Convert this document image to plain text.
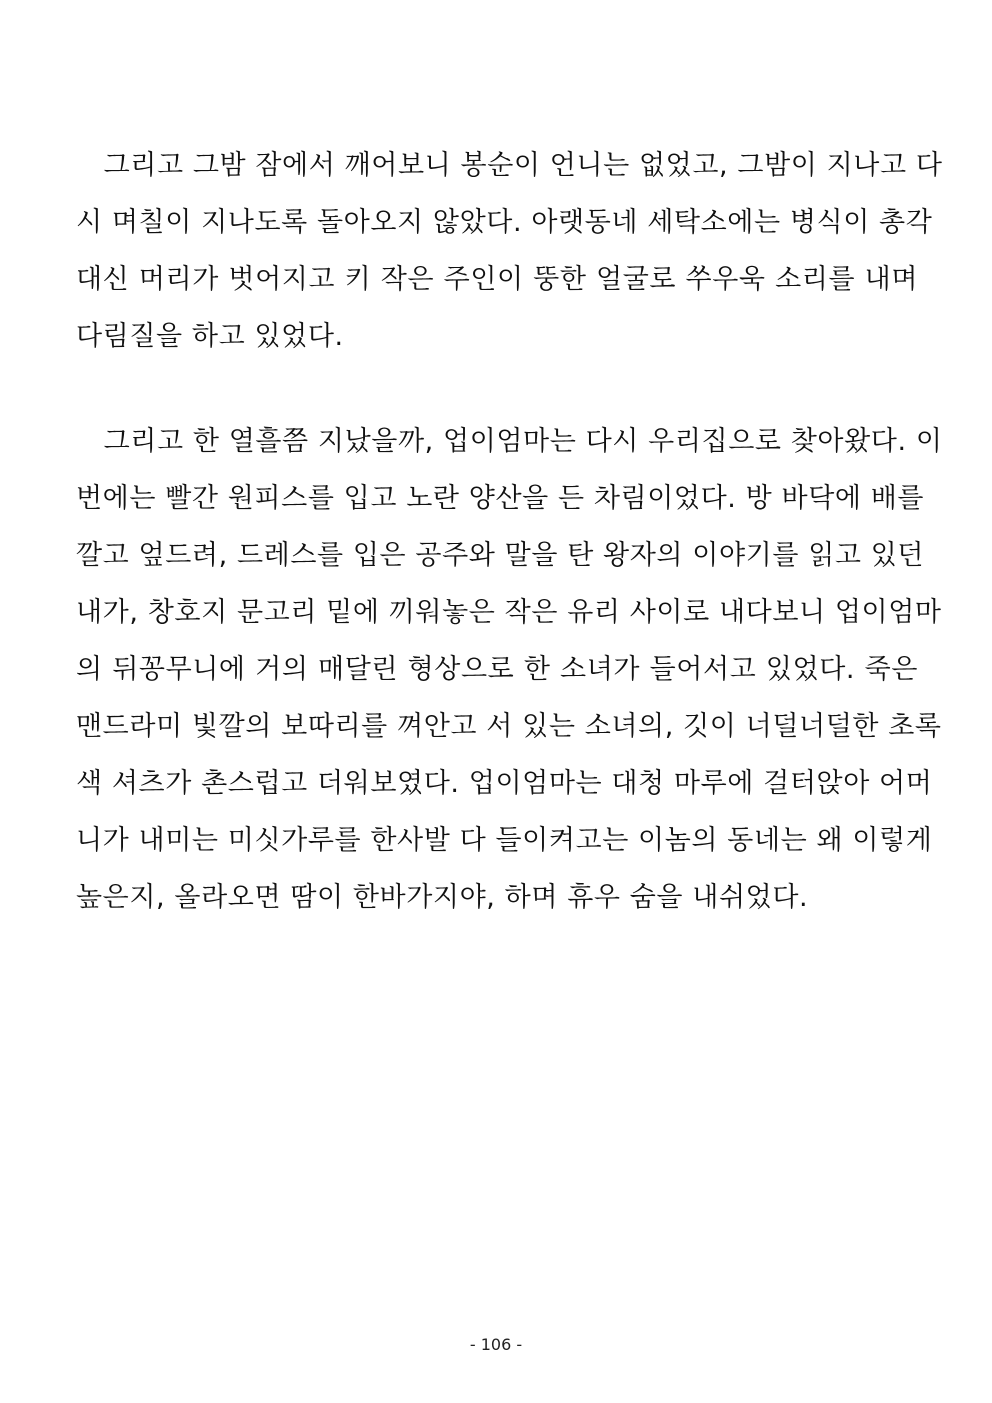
　그리고 그밤 잠에서 깨어보니 봉순이 언니는 없었고, 그밤이 지나고 다
시 며칠이 지나도록 돌아오지 않았다. 아랫동네 세탁소에는 병식이 총각
대신 머리가 벗어지고 키 작은 주인이 뚱한 얼굴로 쑤우욱 소리를 내며
다림질을 하고 있었다.
　그리고 한 열흘쯤 지났을까, 업이엄마는 다시 우리집으로 찾아왔다. 이
번에는 빨간 원피스를 입고 노란 양산을 든 차림이었다. 방 바닥에 배를
깔고 엎드려, 드레스를 입은 공주와 말을 탄 왕자의 이야기를 읽고 있던
내가, 창호지 문고리 밑에 끼워놓은 작은 유리 사이로 내다보니 업이엄마
의 뒤꽁무니에 거의 매달린 형상으로 한 소녀가 들어서고 있었다. 죽은
맨드라미 빛깔의 보따리를 껴안고 서 있는 소녀의, 깃이 너덜너덜한 초록
색 셔츠가 촌스럽고 더워보였다. 업이엄마는 대청 마루에 걸터앉아 어머
니가 내미는 미싯가루를 한사발 다 들이켜고는 이놈의 동네는 왜 이렇게
높은지, 올라오면 땀이 한바가지야, 하며 휴우 숨을 내쉬었다.
- 106 -
